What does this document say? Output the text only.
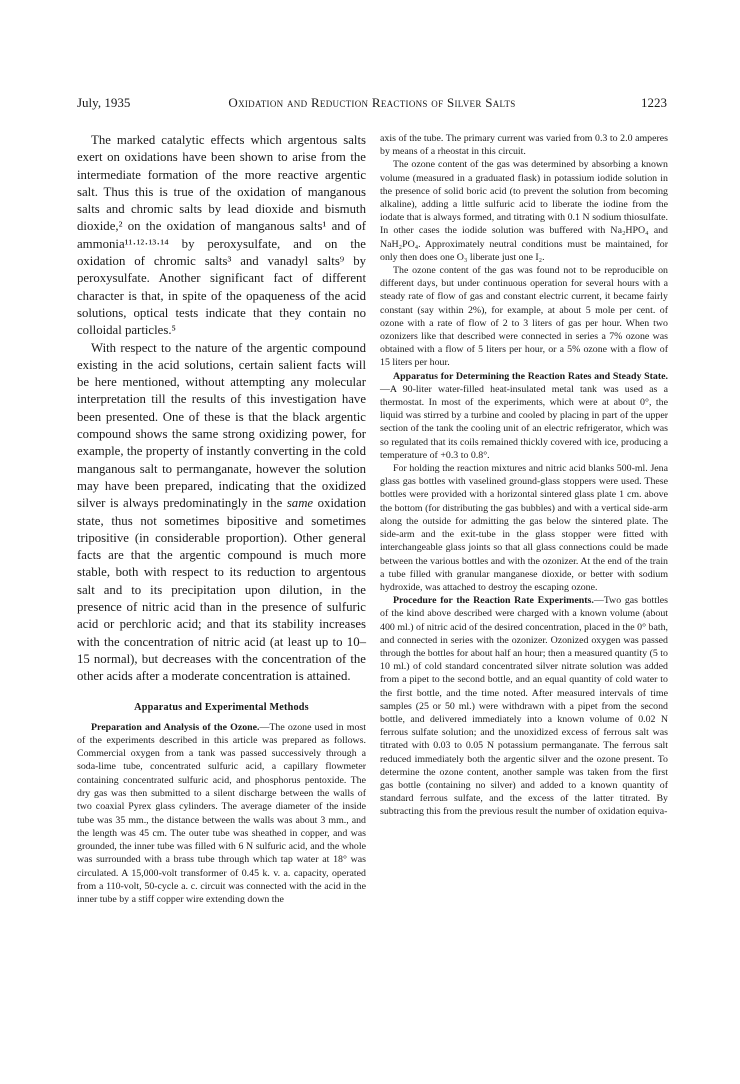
July, 1935	Oxidation and Reduction Reactions of Silver Salts	1223

The marked catalytic effects which argentous salts exert on oxidations have been shown to arise from the intermediate formation of the more reactive argentic salt. Thus this is true of the oxidation of manganous salts and chromic salts by lead dioxide and bismuth dioxide,² on the oxidation of manganous salts¹ and of ammonia¹¹·¹²·¹³·¹⁴ by peroxysulfate, and on the oxidation of chromic salts³ and vanadyl salts⁹ by peroxysulfate. Another significant fact of different character is that, in spite of the opaqueness of the acid solutions, optical tests indicate that they contain no colloidal particles.⁵

With respect to the nature of the argentic compound existing in the acid solutions, certain salient facts will be here mentioned, without attempting any molecular interpretation till the results of this investigation have been presented. One of these is that the black argentic compound shows the same strong oxidizing power, for example, the property of instantly converting in the cold manganous salt to permanganate, however the solution may have been prepared, indicating that the oxidized silver is always predominatingly in the same oxidation state, thus not sometimes bipositive and sometimes tripositive (in considerable proportion). Other general facts are that the argentic compound is much more stable, both with respect to its reduction to argentous salt and to its precipitation upon dilution, in the presence of nitric acid than in the presence of sulfuric acid or perchloric acid; and that its stability increases with the concentration of nitric acid (at least up to 10–15 normal), but decreases with the concentration of the other acids after a moderate concentration is attained.

Apparatus and Experimental Methods

Preparation and Analysis of the Ozone.—The ozone used in most of the experiments described in this article was prepared as follows. Commercial oxygen from a tank was passed successively through a soda-lime tube, concentrated sulfuric acid, a capillary flowmeter containing concentrated sulfuric acid, and phosphorus pentoxide. The dry gas was then submitted to a silent discharge between the walls of two coaxial Pyrex glass cylinders. The average diameter of the inside tube was 35 mm., the distance between the walls was about 3 mm., and the length was 45 cm. The outer tube was sheathed in copper, and was grounded, the inner tube was filled with 6 N sulfuric acid, and the whole was surrounded with a brass tube through which tap water at 18° was circulated. A 15,000-volt transformer of 0.45 k. v. a. capacity, operated from a 110-volt, 50-cycle a. c. circuit was connected with the acid in the inner tube by a stiff copper wire extending down the

axis of the tube. The primary current was varied from 0.3 to 2.0 amperes by means of a rheostat in this circuit.

The ozone content of the gas was determined by absorbing a known volume (measured in a graduated flask) in potassium iodide solution in the presence of solid boric acid (to prevent the solution from becoming alkaline), adding a little sulfuric acid to liberate the iodine from the iodate that is always formed, and titrating with 0.1 N sodium thiosulfate. In other cases the iodide solution was buffered with Na₂HPO₄ and NaH₂PO₄. Approximately neutral conditions must be maintained, for only then does one O₃ liberate just one I₂.

The ozone content of the gas was found not to be reproducible on different days, but under continuous operation for several hours with a steady rate of flow of gas and constant electric current, it became fairly constant (say within 2%), for example, at about 5 mole per cent. of ozone with a rate of flow of 2 to 3 liters of gas per hour. When two ozonizers like that described were connected in series a 7% ozone was obtained with a flow of 5 liters per hour, or a 5% ozone with a flow of 15 liters per hour.

Apparatus for Determining the Reaction Rates and Steady State.—A 90-liter water-filled heat-insulated metal tank was used as a thermostat. In most of the experiments, which were at about 0°, the liquid was stirred by a turbine and cooled by placing in part of the upper section of the tank the cooling unit of an electric refrigerator, which was so regulated that its coils remained thickly covered with ice, producing a temperature of +0.3 to 0.8°.

For holding the reaction mixtures and nitric acid blanks 500-ml. Jena glass gas bottles with vaselined ground-glass stoppers were used. These bottles were provided with a horizontal sintered glass plate 1 cm. above the bottom (for distributing the gas bubbles) and with a vertical side-arm along the outside for admitting the gas below the sintered plate. The side-arm and the exit-tube in the glass stopper were fitted with interchangeable glass joints so that all glass connections could be made between the various bottles and with the ozonizer. At the end of the train a tube filled with granular manganese dioxide, or better with sodium hydroxide, was attached to destroy the escaping ozone.

Procedure for the Reaction Rate Experiments.—Two gas bottles of the kind above described were charged with a known volume (about 400 ml.) of nitric acid of the desired concentration, placed in the 0° bath, and connected in series with the ozonizer. Ozonized oxygen was passed through the bottles for about half an hour; then a measured quantity (5 to 10 ml.) of cold standard concentrated silver nitrate solution was added from a pipet to the second bottle, and an equal quantity of cold water to the first bottle, and the time noted. After measured intervals of time samples (25 or 50 ml.) were withdrawn with a pipet from the second bottle, and delivered immediately into a known volume of 0.02 N ferrous sulfate solution; and the unoxidized excess of ferrous salt was titrated with 0.03 to 0.05 N potassium permanganate. The ferrous salt reduced immediately both the argentic silver and the ozone present. To determine the ozone content, another sample was taken from the first gas bottle (containing no silver) and added to a known quantity of standard ferrous sulfate, and the excess of the latter titrated. By subtracting this from the previous result the number of oxidation equiva-
